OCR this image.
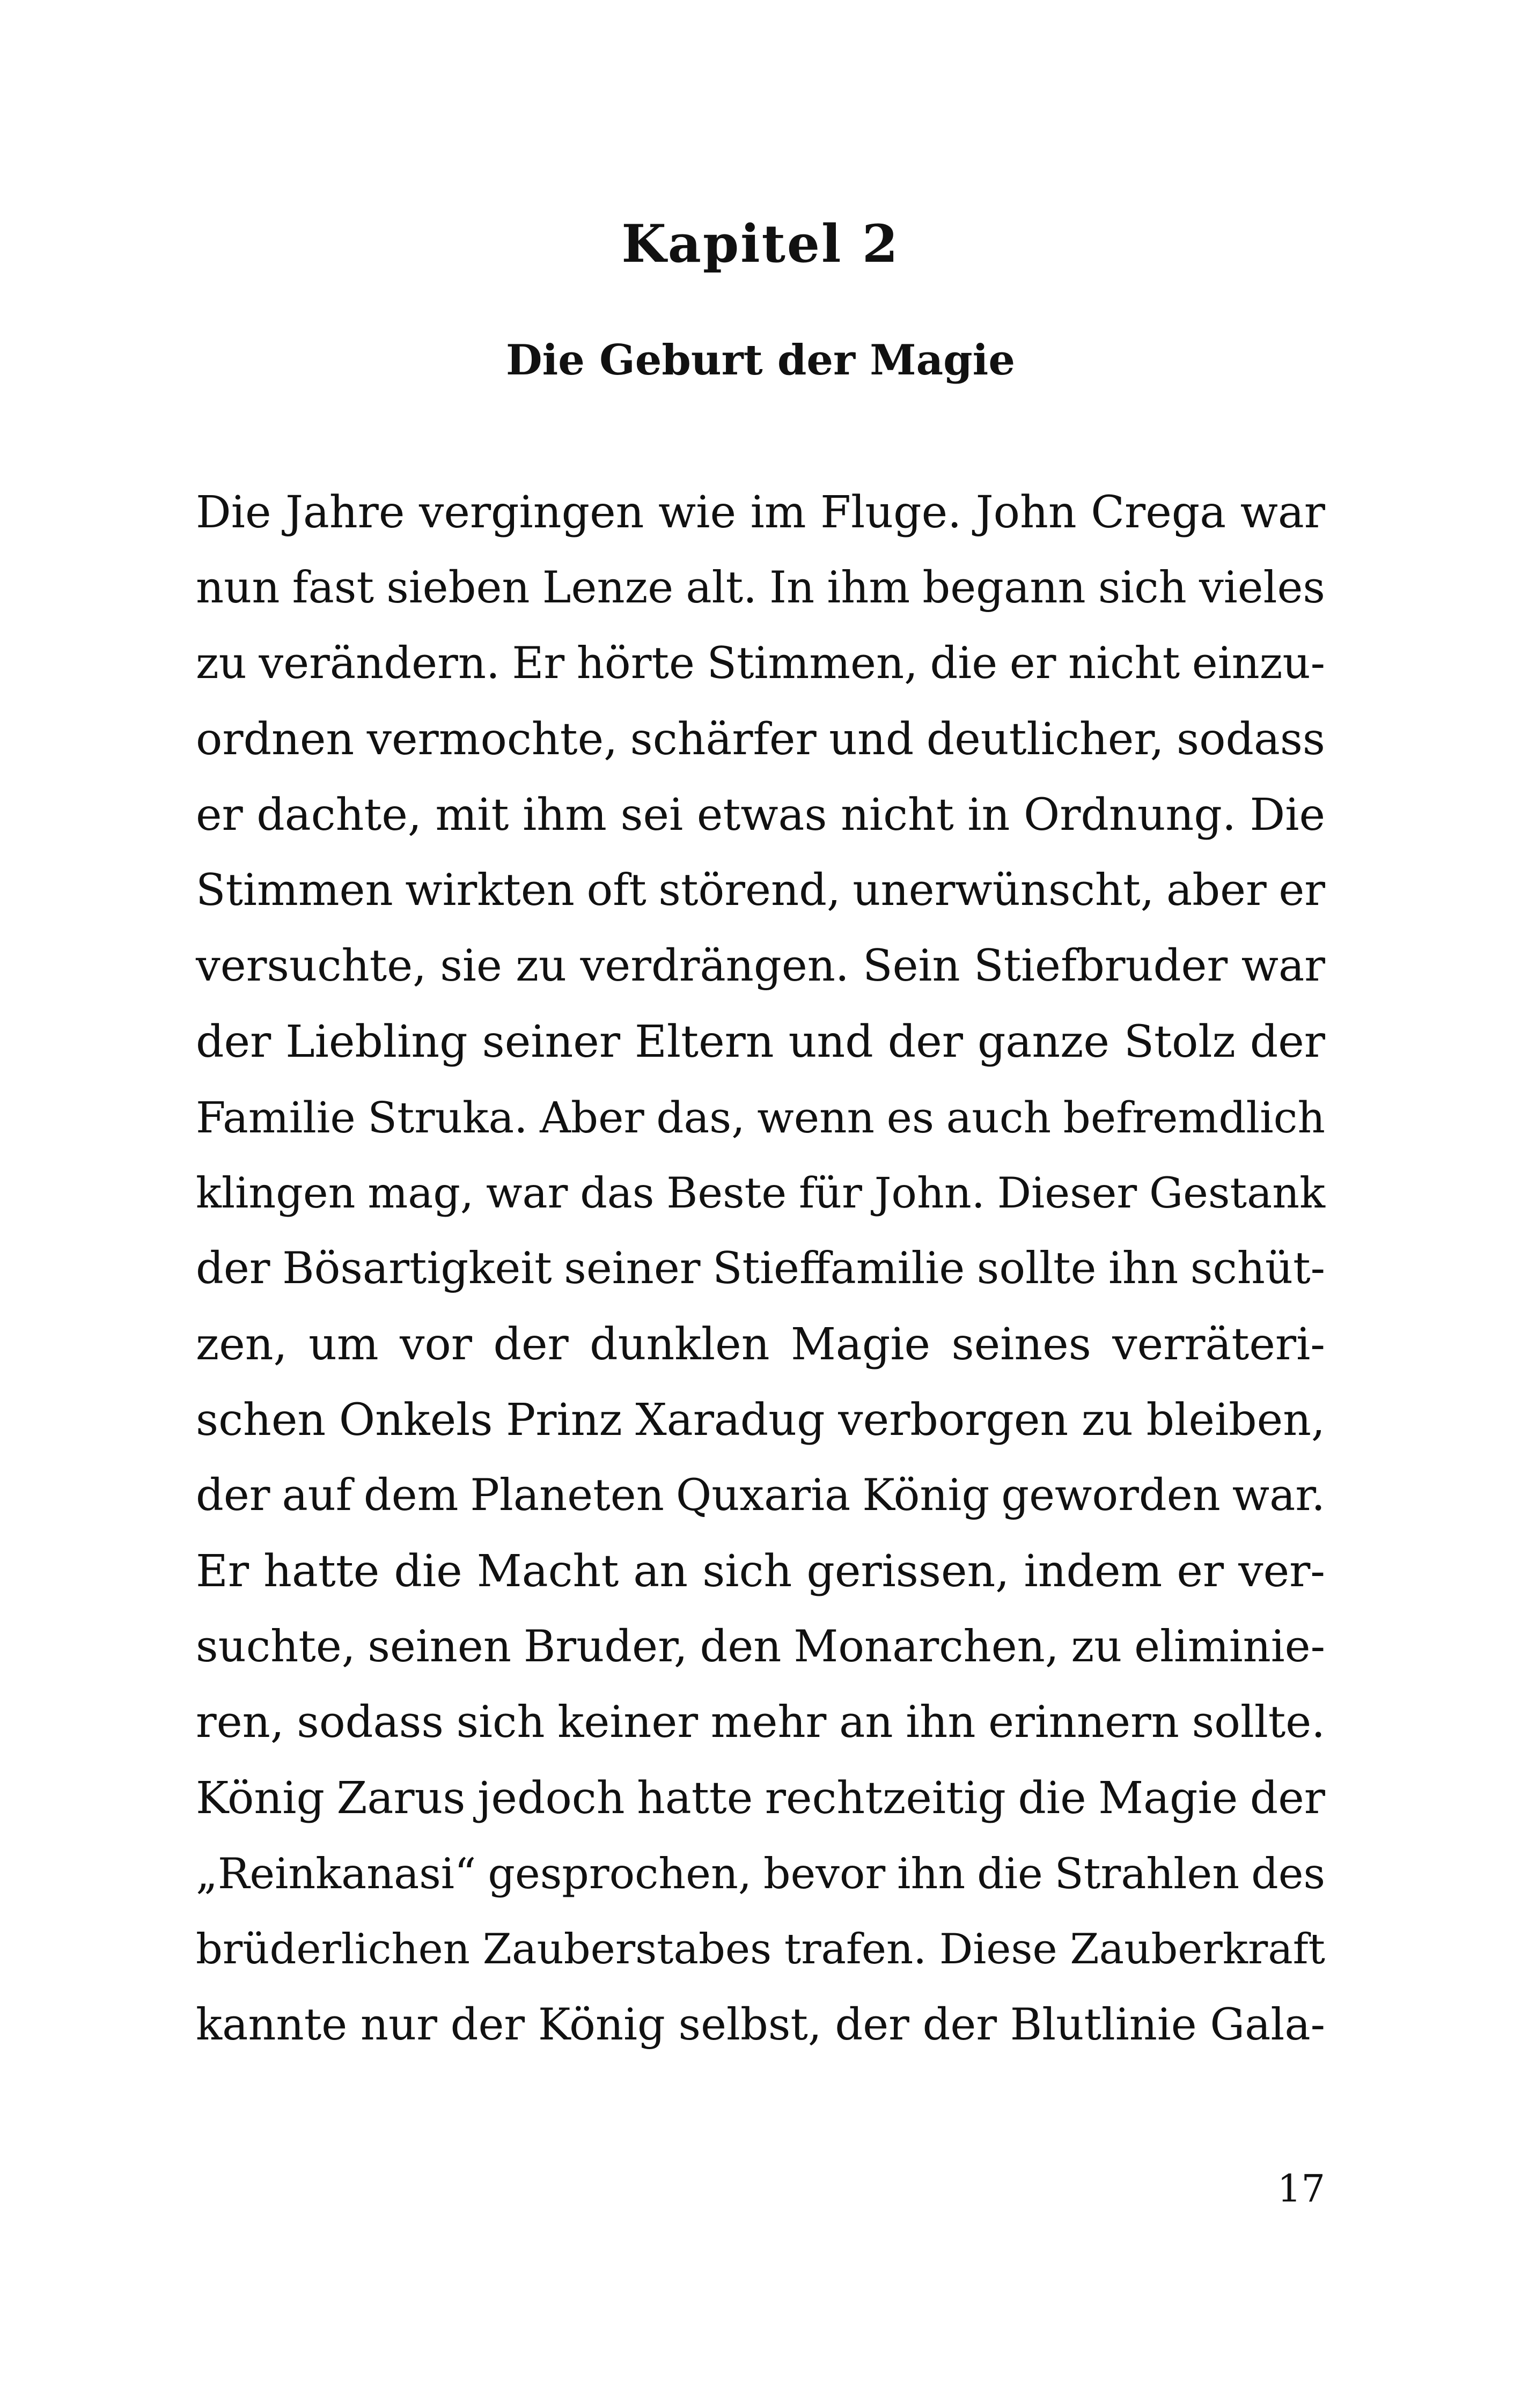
Kapitel 2
Die Geburt der Magie
Die Jahre vergingen wie im Fluge. John Crega war
nun fast sieben Lenze alt. In ihm begann sich vieles
zu verändern. Er hörte Stimmen, die er nicht einzu-
ordnen vermochte, schärfer und deutlicher, sodass
er dachte, mit ihm sei etwas nicht in Ordnung. Die
Stimmen wirkten oft störend, unerwünscht, aber er
versuchte, sie zu verdrängen. Sein Stiefbruder war
der Liebling seiner Eltern und der ganze Stolz der
Familie Struka. Aber das, wenn es auch befremdlich
klingen mag, war das Beste für John. Dieser Gestank
der Bösartigkeit seiner Stieffamilie sollte ihn schüt-
zen, um vor der dunklen Magie seines verräteri-
schen Onkels Prinz Xaradug verborgen zu bleiben,
der auf dem Planeten Quxaria König geworden war.
Er hatte die Macht an sich gerissen, indem er ver-
suchte, seinen Bruder, den Monarchen, zu eliminie-
ren, sodass sich keiner mehr an ihn erinnern sollte.
König Zarus jedoch hatte rechtzeitig die Magie der
„Reinkanasi“ gesprochen, bevor ihn die Strahlen des
brüderlichen Zauberstabes trafen. Diese Zauberkraft
kannte nur der König selbst, der der Blutlinie Gala-

17
